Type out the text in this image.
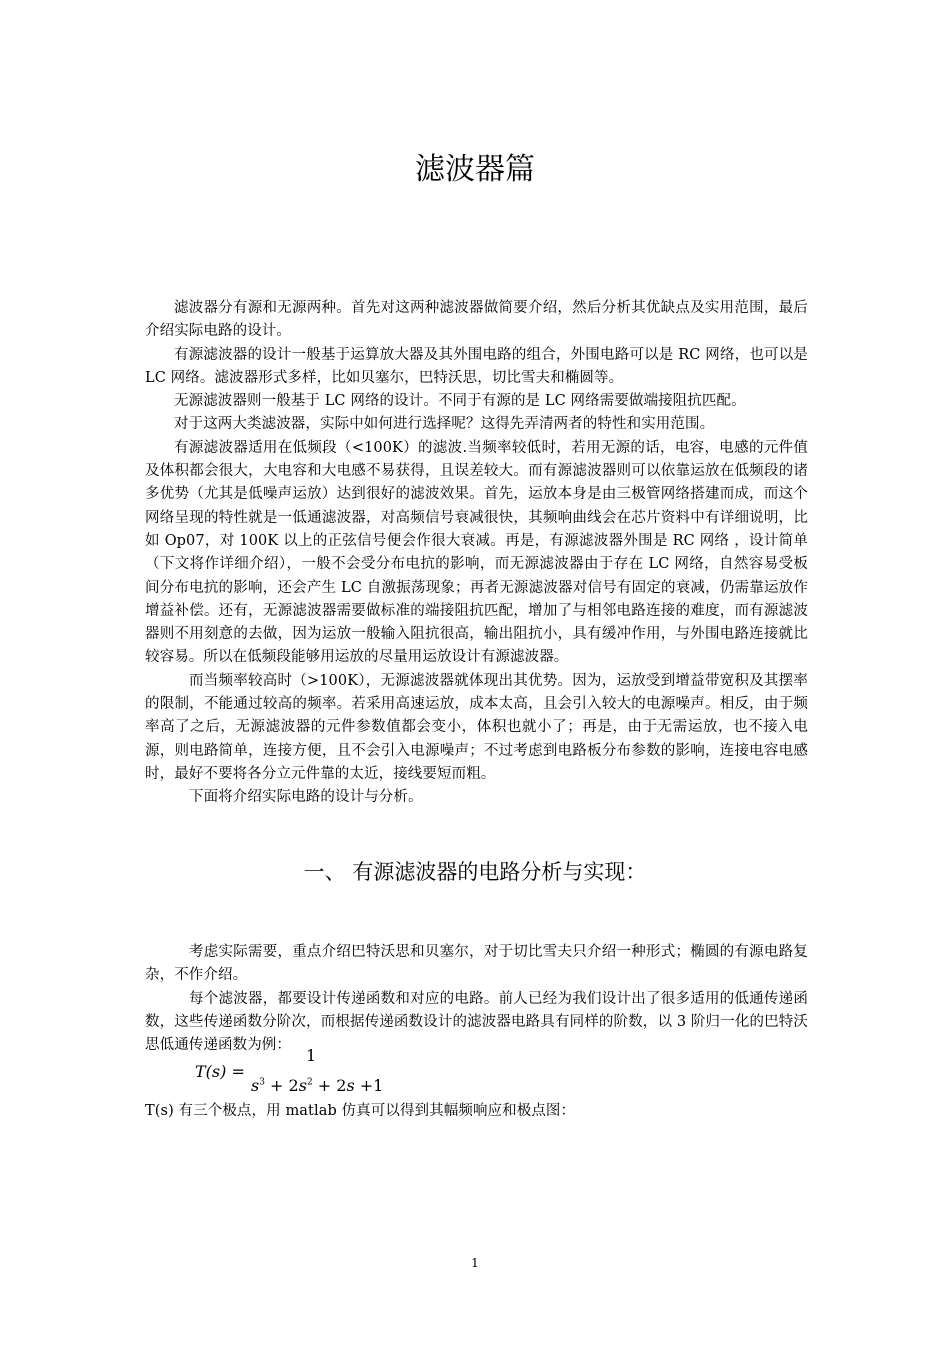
滤波器篇

滤波器分有源和无源两种。首先对这两种滤波器做简要介绍，然后分析其优缺点及实用范围，最后介绍实际电路的设计。

有源滤波器的设计一般基于运算放大器及其外围电路的组合，外围电路可以是 RC 网络，也可以是 LC 网络。滤波器形式多样，比如贝塞尔，巴特沃思，切比雪夫和椭圆等。

无源滤波器则一般基于 LC 网络的设计。不同于有源的是 LC 网络需要做端接阻抗匹配。

对于这两大类滤波器，实际中如何进行选择呢？这得先弄清两者的特性和实用范围。

有源滤波器适用在低频段（<100K）的滤波.当频率较低时，若用无源的话，电容，电感的元件值及体积都会很大，大电容和大电感不易获得，且误差较大。而有源滤波器则可以依靠运放在低频段的诸多优势（尤其是低噪声运放）达到很好的滤波效果。首先，运放本身是由三极管网络搭建而成，而这个网络呈现的特性就是一低通滤波器，对高频信号衰减很快，其频响曲线会在芯片资料中有详细说明，比如 Op07，对 100K 以上的正弦信号便会作很大衰减。再是，有源滤波器外围是 RC 网络 ，设计简单（下文将作详细介绍），一般不会受分布电抗的影响，而无源滤波器由于存在 LC 网络，自然容易受板间分布电抗的影响，还会产生 LC 自激振荡现象；再者无源滤波器对信号有固定的衰减，仍需靠运放作增益补偿。还有，无源滤波器需要做标准的端接阻抗匹配，增加了与相邻电路连接的难度，而有源滤波器则不用刻意的去做，因为运放一般输入阻抗很高，输出阻抗小，具有缓冲作用，与外围电路连接就比较容易。所以在低频段能够用运放的尽量用运放设计有源滤波器。

而当频率较高时（>100K），无源滤波器就体现出其优势。因为，运放受到增益带宽积及其摆率的限制，不能通过较高的频率。若采用高速运放，成本太高，且会引入较大的电源噪声。相反，由于频率高了之后，无源滤波器的元件参数值都会变小，体积也就小了；再是，由于无需运放，也不接入电源，则电路简单，连接方便，且不会引入电源噪声；不过考虑到电路板分布参数的影响，连接电容电感时，最好不要将各分立元件靠的太近，接线要短而粗。

下面将介绍实际电路的设计与分析。

一、 有源滤波器的电路分析与实现：

考虑实际需要，重点介绍巴特沃思和贝塞尔，对于切比雪夫只介绍一种形式；椭圆的有源电路复杂，不作介绍。

每个滤波器，都要设计传递函数和对应的电路。前人已经为我们设计出了很多适用的低通传递函数，这些传递函数分阶次，而根据传递函数设计的滤波器电路具有同样的阶数，以 3 阶归一化的巴特沃思低通传递函数为例：

T(s) =
1
$s^3 + 2s^2 + 2s +1$

T(s) 有三个极点，用 matlab 仿真可以得到其幅频响应和极点图：

1
